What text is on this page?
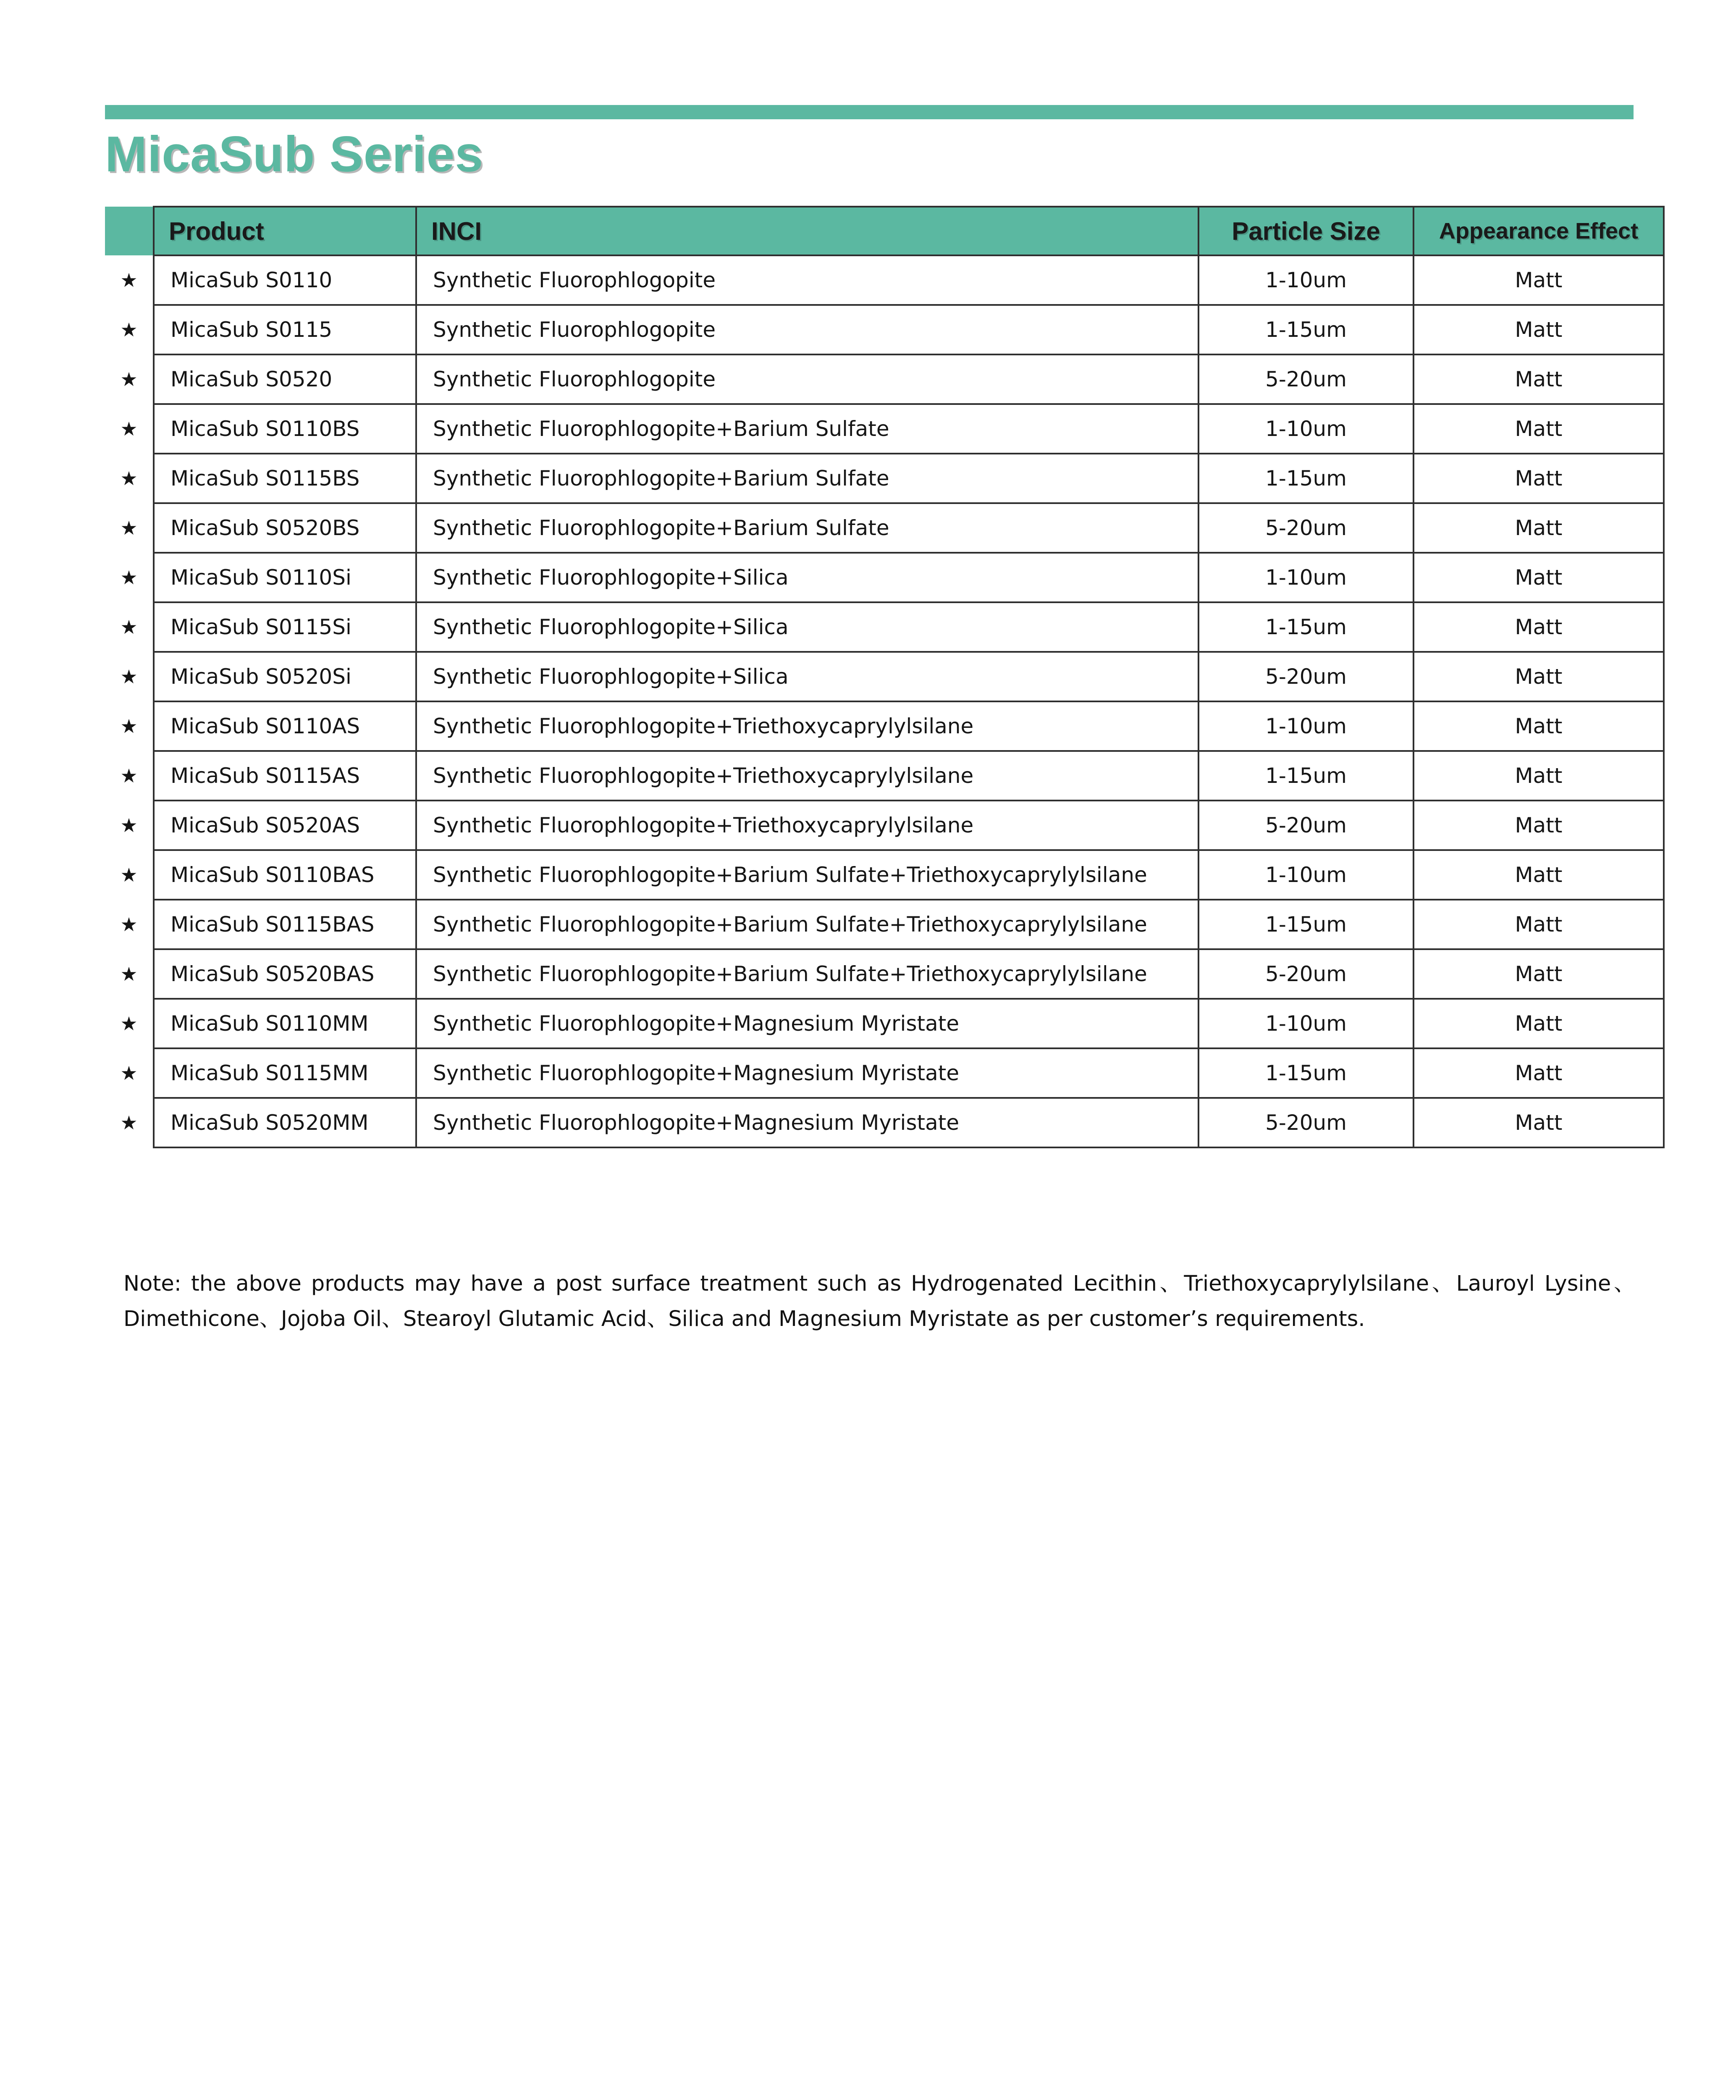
MicaSub Series
	Product	INCI	Particle Size	Appearance Effect
★	MicaSub S0110	Synthetic Fluorophlogopite	1-10um	Matt
★	MicaSub S0115	Synthetic Fluorophlogopite	1-15um	Matt
★	MicaSub S0520	Synthetic Fluorophlogopite	5-20um	Matt
★	MicaSub S0110BS	Synthetic Fluorophlogopite+Barium Sulfate	1-10um	Matt
★	MicaSub S0115BS	Synthetic Fluorophlogopite+Barium Sulfate	1-15um	Matt
★	MicaSub S0520BS	Synthetic Fluorophlogopite+Barium Sulfate	5-20um	Matt
★	MicaSub S0110Si	Synthetic Fluorophlogopite+Silica	1-10um	Matt
★	MicaSub S0115Si	Synthetic Fluorophlogopite+Silica	1-15um	Matt
★	MicaSub S0520Si	Synthetic Fluorophlogopite+Silica	5-20um	Matt
★	MicaSub S0110AS	Synthetic Fluorophlogopite+Triethoxycaprylylsilane	1-10um	Matt
★	MicaSub S0115AS	Synthetic Fluorophlogopite+Triethoxycaprylylsilane	1-15um	Matt
★	MicaSub S0520AS	Synthetic Fluorophlogopite+Triethoxycaprylylsilane	5-20um	Matt
★	MicaSub S0110BAS	Synthetic Fluorophlogopite+Barium Sulfate+Triethoxycaprylylsilane	1-10um	Matt
★	MicaSub S0115BAS	Synthetic Fluorophlogopite+Barium Sulfate+Triethoxycaprylylsilane	1-15um	Matt
★	MicaSub S0520BAS	Synthetic Fluorophlogopite+Barium Sulfate+Triethoxycaprylylsilane	5-20um	Matt
★	MicaSub S0110MM	Synthetic Fluorophlogopite+Magnesium Myristate	1-10um	Matt
★	MicaSub S0115MM	Synthetic Fluorophlogopite+Magnesium Myristate	1-15um	Matt
★	MicaSub S0520MM	Synthetic Fluorophlogopite+Magnesium Myristate	5-20um	Matt
Note: the above products may have a post surface treatment such as Hydrogenated Lecithin、Triethoxycaprylylsilane、Lauroyl Lysine、Dimethicone、Jojoba Oil、Stearoyl Glutamic Acid、Silica and Magnesium Myristate as per customer’s requirements.
